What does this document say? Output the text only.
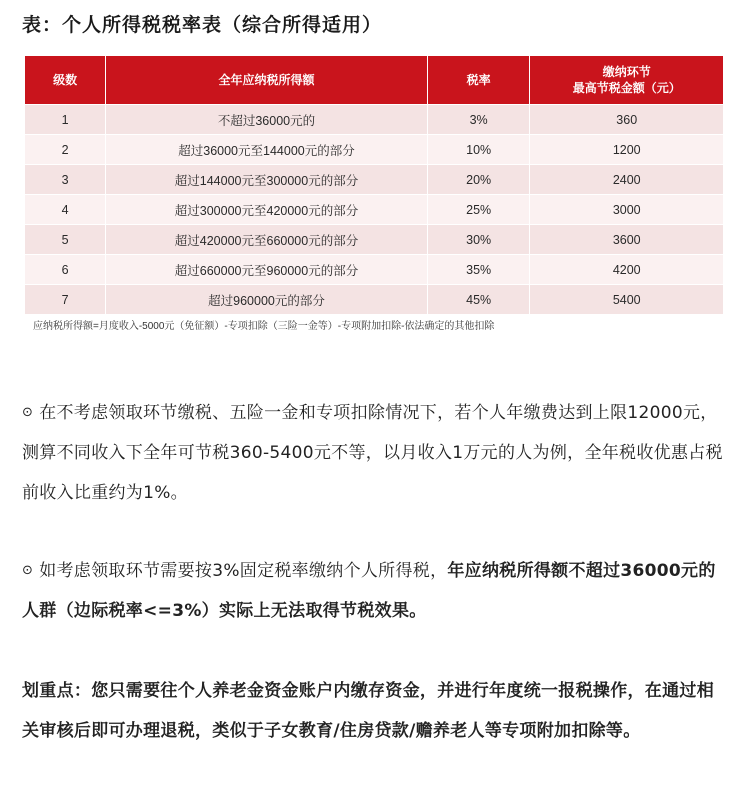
表：个人所得税税率表（综合所得适用）
级数	全年应纳税所得额	税率	缴纳环节
最高节税金额（元）

1	不超过36000元的	3%	360
2	超过36000元至144000元的部分	10%	1200
3	超过144000元至300000元的部分	20%	2400
4	超过300000元至420000元的部分	25%	3000
5	超过420000元至660000元的部分	30%	3600
6	超过660000元至960000元的部分	35%	4200
7	超过960000元的部分	45%	5400
应纳税所得额=月度收入-5000元（免征额）-专项扣除（三险一金等）-专项附加扣除-依法确定的其他扣除
⊙ 在不考虑领取环节缴税、五险一金和专项扣除情况下，若个人年缴费达到上限12000元，测算不同收入下全年可节税360-5400元不等，以月收入1万元的人为例，全年税收优惠占税前收入比重约为1%。
⊙ 如考虑领取环节需要按3%固定税率缴纳个人所得税，年应纳税所得额不超过36000元的人群（边际税率<=3%）实际上无法取得节税效果。
划重点：您只需要往个人养老金资金账户内缴存资金，并进行年度统一报税操作，在通过相关审核后即可办理退税，类似于子女教育/住房贷款/赡养老人等专项附加扣除等。
